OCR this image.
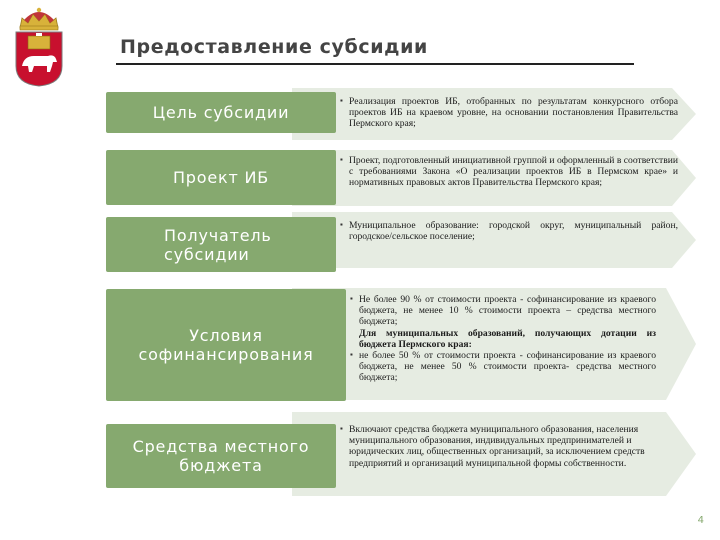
Предоставление субсидии
Цель субсидии
▪ Реализация проектов ИБ, отобранных по результатам конкурсного отбора проектов ИБ на краевом уровне, на основании постановления Правительства Пермского края;
Проект ИБ
▪ Проект, подготовленный инициативной группой и оформленный в соответствии с требованиями Закона «О реализации проектов ИБ в Пермском крае» и нормативных правовых актов Правительства Пермского края;
Получатель субсидии
▪ Муниципальное образование: городской округ, муниципальный район, городское/сельское поселение;
Условия софинансирования
▪ Не более 90 % от стоимости проекта - софинансирование из краевого бюджета, не менее 10 % стоимости проекта – средства местного бюджета;
Для муниципальных образований, получающих дотации из бюджета Пермского края:
▪ не более 50 % от стоимости проекта - софинансирование из краевого бюджета, не менее 50 % стоимости проекта- средства местного бюджета;
Средства местного бюджета
▪ Включают средства бюджета муниципального образования, населения муниципального образования, индивидуальных предпринимателей и юридических лиц, общественных организаций, за исключением средств предприятий и организаций муниципальной формы собственности.
4
